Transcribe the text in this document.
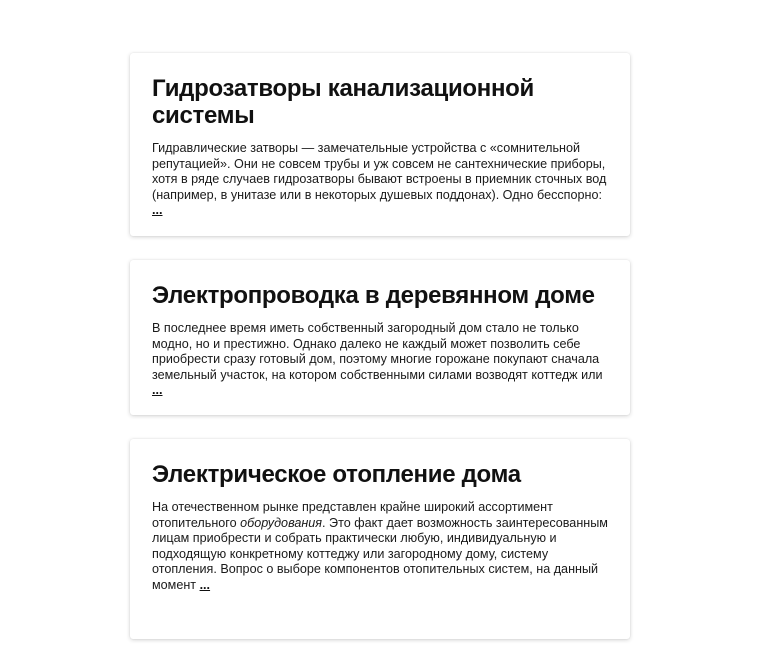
Гидрозатворы канализационной системы

Гидравлические затворы — замечательные устройства с «сомнительной репутацией». Они не совсем трубы и уж совсем не сантехнические приборы, хотя в ряде случаев гидрозатворы бывают встроены в приемник сточных вод (например, в унитазе или в некоторых душевых поддонах). Одно бесспорно: ...

Электропроводка в деревянном доме

В последнее время иметь собственный загородный дом стало не только модно, но и престижно. Однако далеко не каждый может позволить себе приобрести сразу готовый дом, поэтому многие горожане покупают сначала земельный участок, на котором собственными силами возводят коттедж или ...

Электрическое отопление дома

На отечественном рынке представлен крайне широкий ассортимент отопительного оборудования. Это факт дает возможность заинтересованным лицам приобрести и собрать практически любую, индивидуальную и подходящую конкретному коттеджу или загородному дому, систему отопления. Вопрос о выборе компонентов отопительных систем, на данный момент ...
